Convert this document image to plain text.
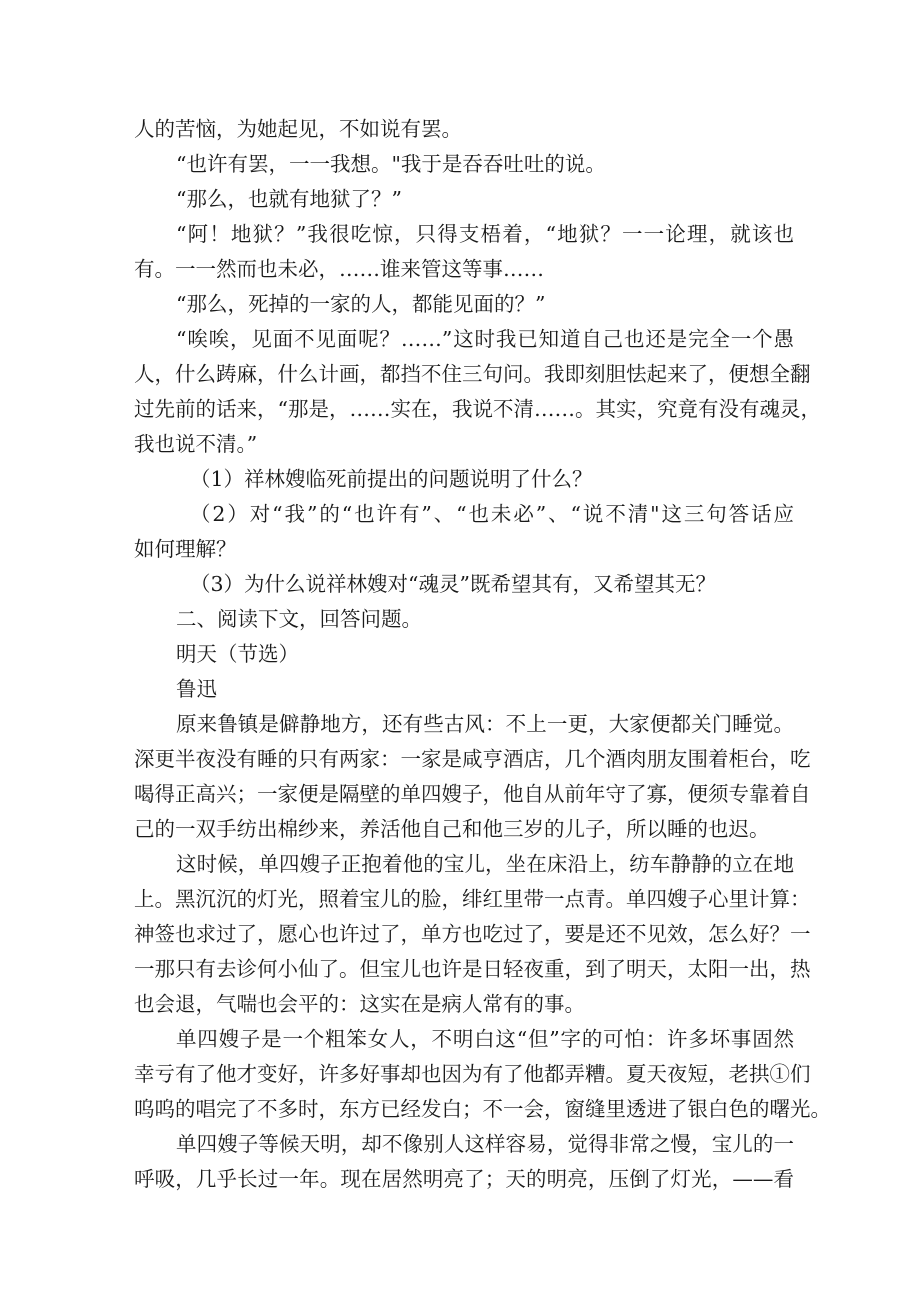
人的苦恼，为她起见，不如说有罢。
“也许有罢，一一我想。"我于是吞吞吐吐的说。
“那么，也就有地狱了？”
“阿！地狱？”我很吃惊，只得支梧着，“地狱？一一论理，就该也
有。一一然而也未必，……谁来管这等事……
“那么，死掉的一家的人，都能见面的？”
“唉唉，见面不见面呢？……”这时我已知道自己也还是完全一个愚
人，什么踌麻，什么计画，都挡不住三句问。我即刻胆怯起来了，便想全翻
过先前的话来，“那是，……实在，我说不清……。其实，究竟有没有魂灵，
我也说不清。”
（1）祥林嫂临死前提出的问题说明了什么？
（2）对“我”的“也许有”、“也未必”、“说不清"这三句答话应
如何理解？
（3）为什么说祥林嫂对“魂灵”既希望其有，又希望其无？
二、阅读下文，回答问题。
明天（节选）
鲁迅
原来鲁镇是僻静地方，还有些古风：不上一更，大家便都关门睡觉。
深更半夜没有睡的只有两家：一家是咸亨酒店，几个酒肉朋友围着柜台，吃
喝得正高兴；一家便是隔壁的单四嫂子，他自从前年守了寡，便须专靠着自
己的一双手纺出棉纱来，养活他自己和他三岁的儿子，所以睡的也迟。
这时候，单四嫂子正抱着他的宝儿，坐在床沿上，纺车静静的立在地
上。黑沉沉的灯光，照着宝儿的脸，绯红里带一点青。单四嫂子心里计算：
神签也求过了，愿心也许过了，单方也吃过了，要是还不见效，怎么好？一
一那只有去诊何小仙了。但宝儿也许是日轻夜重，到了明天，太阳一出，热
也会退，气喘也会平的：这实在是病人常有的事。
单四嫂子是一个粗笨女人，不明白这“但”字的可怕：许多坏事固然
幸亏有了他才变好，许多好事却也因为有了他都弄糟。夏天夜短，老拱①们
呜呜的唱完了不多时，东方已经发白；不一会，窗缝里透进了银白色的曙光。
单四嫂子等候天明，却不像别人这样容易，觉得非常之慢，宝儿的一
呼吸，几乎长过一年。现在居然明亮了；天的明亮，压倒了灯光，——看
